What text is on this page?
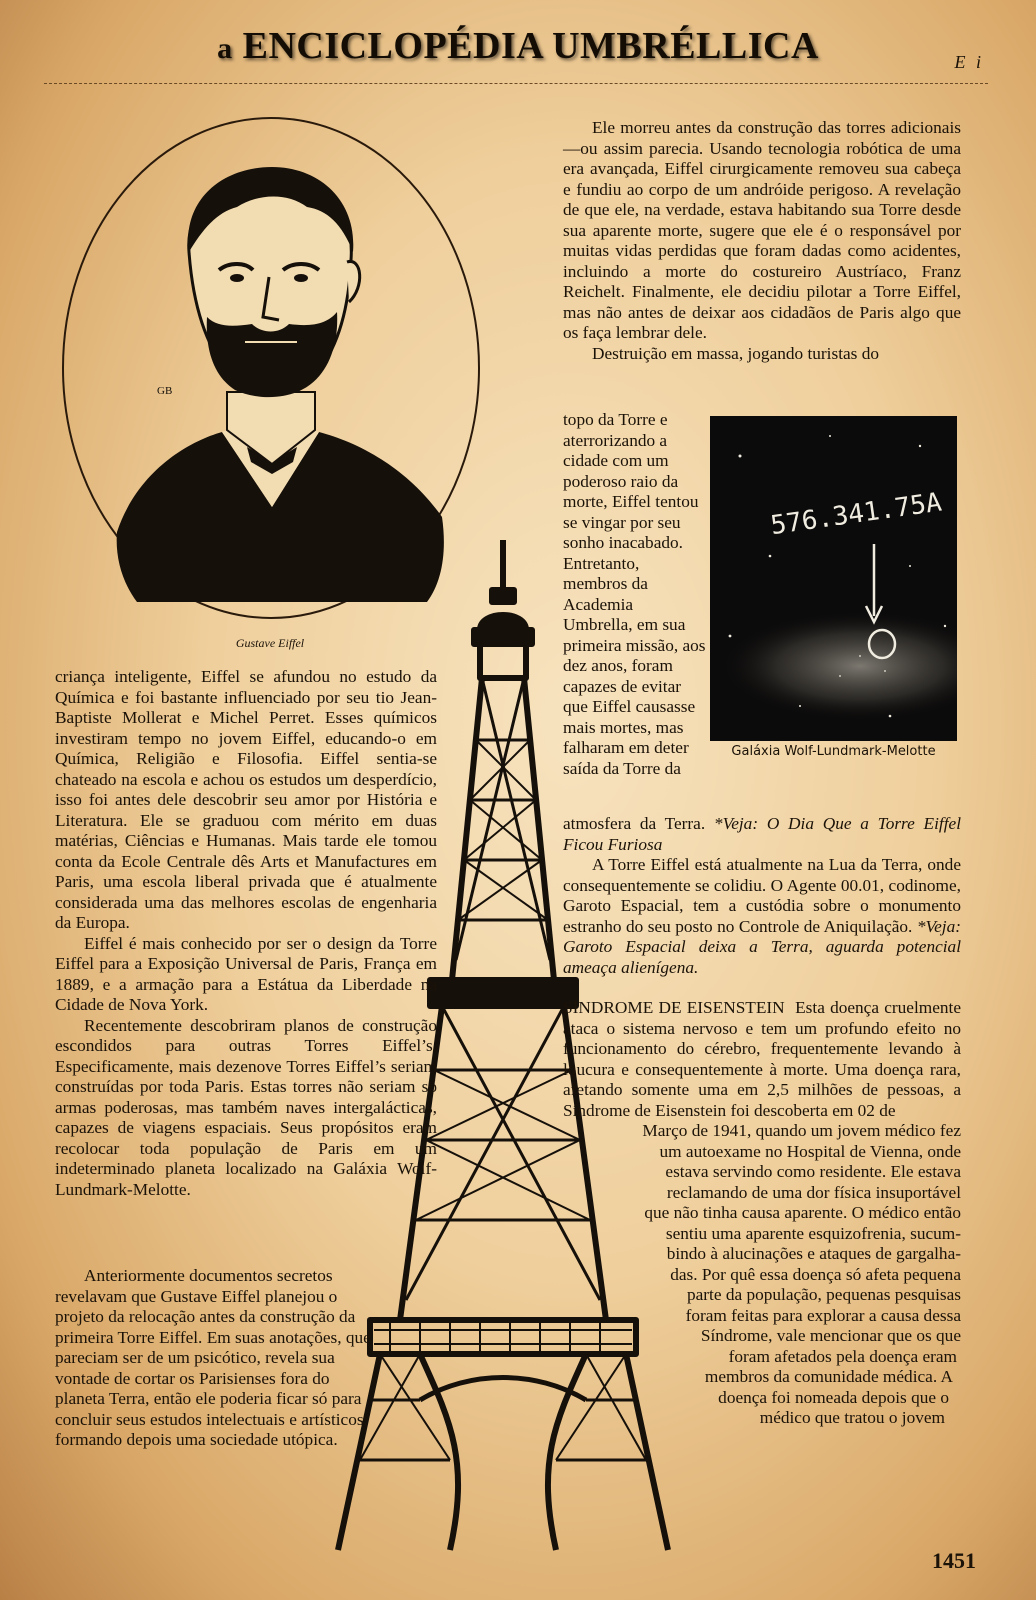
a ENCICLOPÉDIA UMBRÉLLICA	E i
GB
Gustave Eiffel
576.341.75A
Galáxia Wolf-Lundmark-Melotte

criança inteligente, Eiffel se afundou no estudo da Química e foi bastante influenciado por seu tio Jean-Baptiste Mollerat e Michel Perret. Esses químicos investiram tempo no jovem Eiffel, educando-o em Química, Religião e Filosofia. Eiffel sentia-se chateado na escola e achou os estudos um desperdício, isso foi antes dele descobrir seu amor por História e Literatura. Ele se graduou com mérito em duas matérias, Ciências e Humanas. Mais tarde ele tomou conta da Ecole Centrale dês Arts et Manufactures em Paris, uma escola liberal privada que é atualmente considerada uma das melhores escolas de engenharia da Europa.

Eiffel é mais conhecido por ser o design da Torre Eiffel para a Exposição Universal de Paris, França em 1889, e a armação para a Estátua da Liberdade na Cidade de Nova York.

Recentemente descobriram planos de construção escondidos para outras Torres Eiffel’s. Especificamente, mais dezenove Torres Eiffel’s seriam construídas por toda Paris. Estas torres não seriam só armas poderosas, mas também naves intergalácticas, capazes de viagens espaciais. Seus propósitos eram recolocar toda população de Paris em um indeterminado planeta localizado na Galáxia Wolf-Lundmark-Melotte.

Anteriormente documentos secretos revelavam que Gustave Eiffel planejou o projeto da relocação antes da construção da primeira Torre Eiffel. Em suas anotações, que pareciam ser de um psicótico, revela sua vontade de cortar os Parisienses fora do planeta Terra, então ele poderia ficar só para concluir seus estudos intelectuais e artísticos, formando depois uma sociedade utópica.

Ele morreu antes da construção das torres adicionais—ou assim parecia. Usando tecnologia robótica de uma era avançada, Eiffel cirurgicamente removeu sua cabeça e fundiu ao corpo de um andróide perigoso. A revelação de que ele, na verdade, estava habitando sua Torre desde sua aparente morte, sugere que ele é o responsável por muitas vidas perdidas que foram dadas como acidentes, incluindo a morte do costureiro Austríaco, Franz Reichelt. Finalmente, ele decidiu pilotar a Torre Eiffel, mas não antes de deixar aos cidadãos de Paris algo que os faça lembrar dele.

Destruição em massa, jogando turistas do

topo da Torre e aterrorizando a cidade com um poderoso raio da morte, Eiffel tentou se vingar por seu sonho inacabado. Entretanto, membros da Academia Umbrella, em sua primeira missão, aos dez anos, foram capazes de evitar que Eiffel causasse mais mortes, mas falharam em deter saída da Torre da

atmosfera da Terra. *Veja: O Dia Que a Torre Eiffel Ficou Furiosa

A Torre Eiffel está atualmente na Lua da Terra, onde consequentemente se colidiu. O Agente 00.01, codinome, Garoto Espacial, tem a custódia sobre o monumento estranho do seu posto no Controle de Aniquilação. *Veja: Garoto Espacial deixa a Terra, aguarda potencial ameaça alienígena.

SÍNDROME DE EISENSTEIN Esta doença cruelmente ataca o sistema nervoso e tem um profundo efeito no funcionamento do cérebro, frequentemente levando à loucura e consequentemente à morte. Uma doença rara, afetando somente uma em 2,5 milhões de pessoas, a Síndrome de Eisenstein foi descoberta em 02 de

Março de 1941, quando um jovem médico fez
um autoexame no Hospital de Vienna, onde
estava servindo como residente. Ele estava
reclamando de uma dor física insuportável
que não tinha causa aparente. O médico então
sentiu uma aparente esquizofrenia, sucum-
bindo à alucinações e ataques de gargalha-
das. Por quê essa doença só afeta pequena
parte da população, pequenas pesquisas
foram feitas para explorar a causa dessa
Síndrome, vale mencionar que os que
foram afetados pela doença eram
membros da comunidade médica. A
doença foi nomeada depois que o
médico que tratou o jovem
1451
